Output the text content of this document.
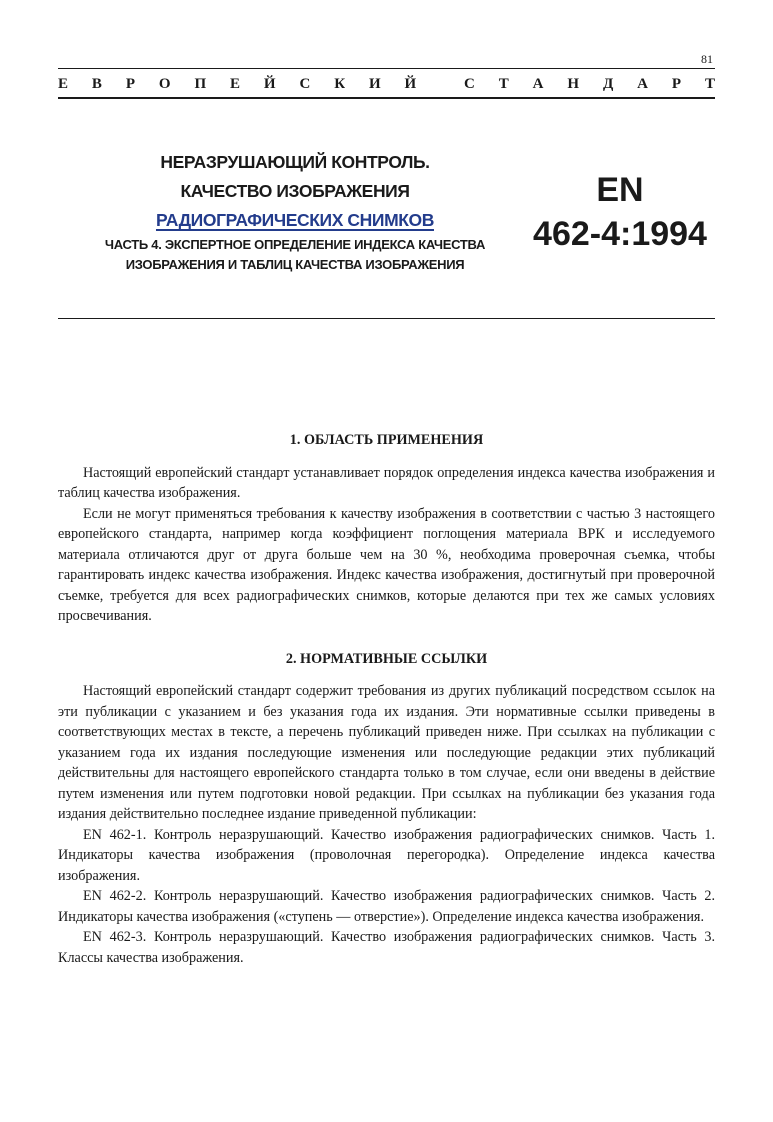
81
Е В Р О П Е Й С К И Й	С Т А Н Д А Р Т
НЕРАЗРУШАЮЩИЙ КОНТРОЛЬ.
КАЧЕСТВО ИЗОБРАЖЕНИЯ
РАДИОГРАФИЧЕСКИХ СНИМКОВ
ЧАСТЬ 4. ЭКСПЕРТНОЕ ОПРЕДЕЛЕНИЕ ИНДЕКСА КАЧЕСТВА
ИЗОБРАЖЕНИЯ И ТАБЛИЦ КАЧЕСТВА ИЗОБРАЖЕНИЯ
EN
462-4:1994
1. ОБЛАСТЬ ПРИМЕНЕНИЯ

Настоящий европейский стандарт устанавливает порядок определения индекса качества изображения и таблиц качества изображения.

Если не могут применяться требования к качеству изображения в соответствии с частью 3 настоящего европейского стандарта, например когда коэффициент поглощения материала ВРК и исследуемого материала отличаются друг от друга больше чем на 30 %, необходима проверочная съемка, чтобы гарантировать индекс качества изображения. Индекс качества изображения, достигнутый при проверочной съемке, требуется для всех радиографических снимков, которые делаются при тех же самых условиях просвечивания.

2. НОРМАТИВНЫЕ ССЫЛКИ

Настоящий европейский стандарт содержит требования из других публикаций посредством ссылок на эти публикации с указанием и без указания года их издания. Эти нормативные ссылки приведены в соответствующих местах в тексте, а перечень публикаций приведен ниже. При ссылках на публикации с указанием года их издания последующие изменения или последующие редакции этих публикаций действительны для настоящего европейского стандарта только в том случае, если они введены в действие путем изменения или путем подготовки новой редакции. При ссылках на публикации без указания года издания действительно последнее издание приведенной публикации:

EN 462-1. Контроль неразрушающий. Качество изображения радиографических снимков. Часть 1. Индикаторы качества изображения (проволочная перегородка). Определение индекса качества изображения.

EN 462-2. Контроль неразрушающий. Качество изображения радиографических снимков. Часть 2. Индикаторы качества изображения («ступень — отверстие»). Определение индекса качества изображения.

EN 462-3. Контроль неразрушающий. Качество изображения радиографических снимков. Часть 3. Классы качества изображения.
